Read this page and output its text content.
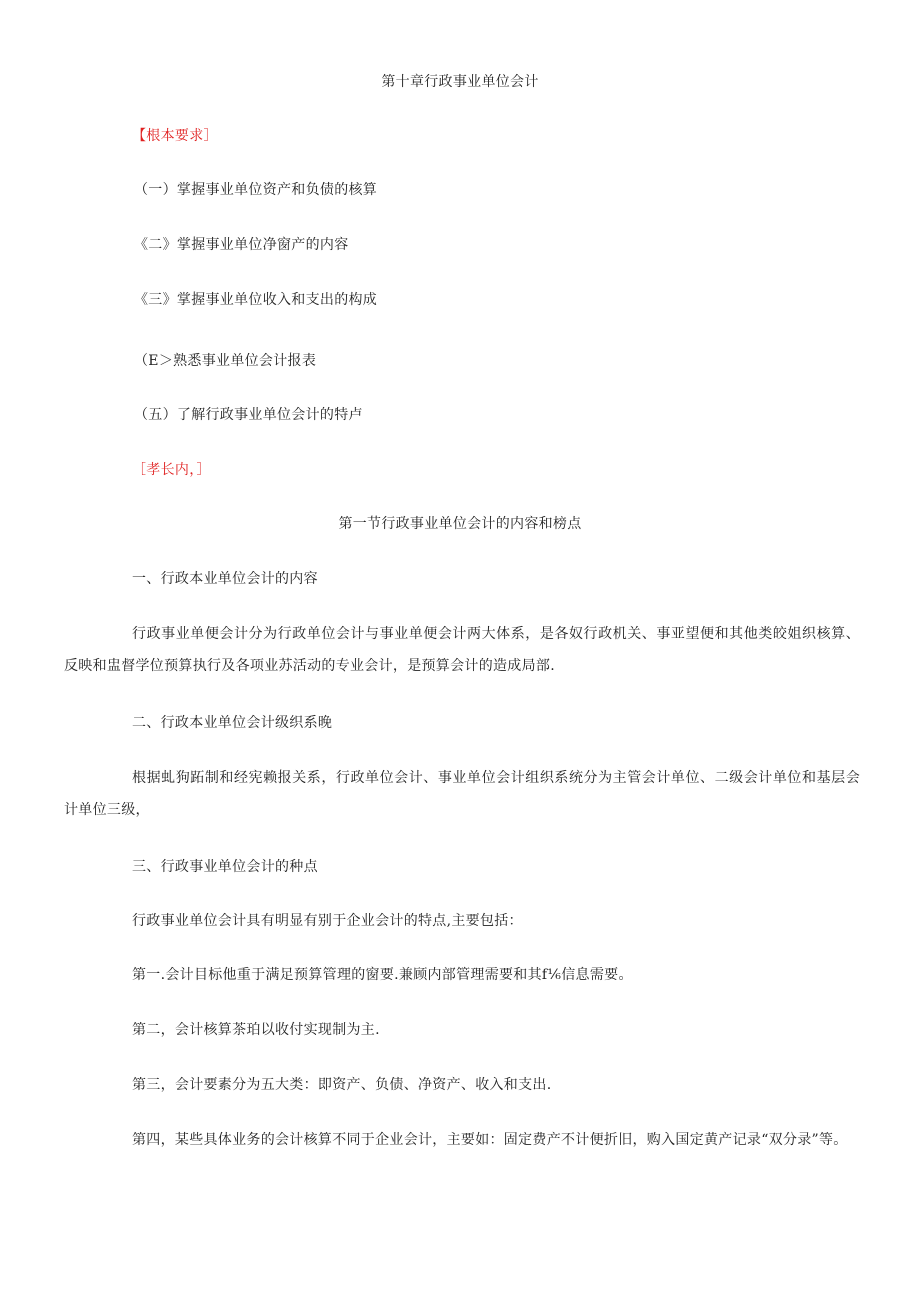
第十章行政事业单位会计
【根本要求］
（一）掌握事业单位资产和负债的核算
《二》掌握事业单位净窗产的内容
《三》掌握事业单位收入和支出的构成
（E＞熟悉事业单位会计报表
（五）了解行政事业单位会计的特卢
［孝长内，］
第一节行政事业单位会计的内容和榜点
一、行政本业单位会计的内容
行政事业单便会计分为行政单位会计与事业单便会计两大体系，是各奴行政机关、事亚望便和其他类皎姐织核算、反映和盅督学位预算执行及各项业苏活动的专业会计，是预算会计的造成局部.
二、行政本业单位会计级织系晚
根据虬狗跖制和经宪赖报关系，行政单位会计、事业单位会计组织系统分为主管会计单位、二级会计单位和基层会计单位三级，
三、行政事业单位会计的种点
行政事业单位会计具有明显有别于企业会计的特点,主要包括：
第一.会计目标他重于满足预算管理的窗要.兼顾内部管理需要和其f⅙信息需要。
第二，会计核算茶珀以收付实现制为主.
第三，会计要素分为五大类：即资产、负债、净资产、收入和支出.
第四，某些具体业务的会计核算不同于企业会计，主要如：固定费产不计便折旧，购入国定黄产记录“双分录”等。
